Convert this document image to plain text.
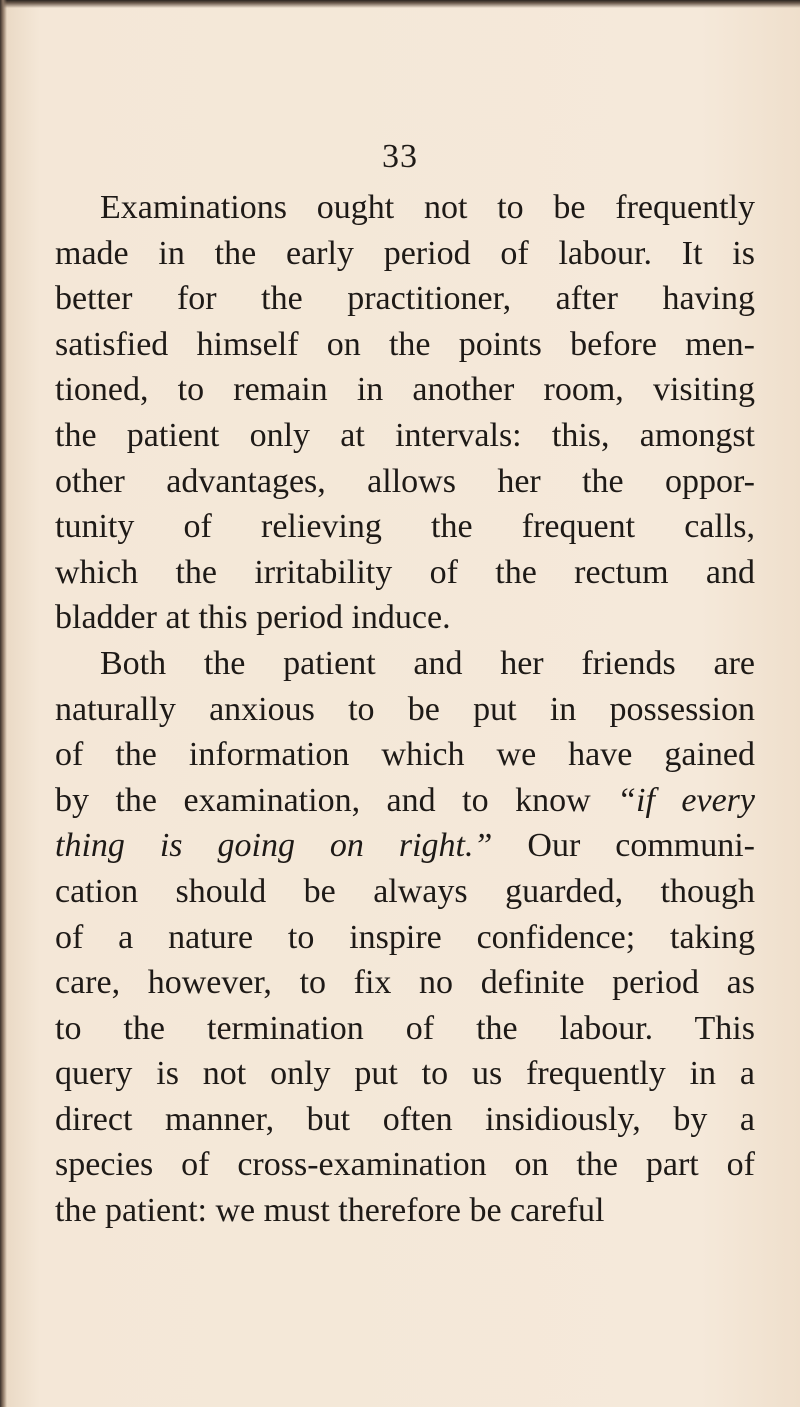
33
Examinations ought not to be frequently
made in the early period of labour. It is
better for the practitioner, after having
satisfied himself on the points before men-
tioned, to remain in another room, visiting
the patient only at intervals: this, amongst
other advantages, allows her the oppor-
tunity of relieving the frequent calls,
which the irritability of the rectum and
bladder at this period induce.
Both the patient and her friends are
naturally anxious to be put in possession
of the information which we have gained
by the examination, and to know “if every
thing is going on right.” Our communi-
cation should be always guarded, though
of a nature to inspire confidence; taking
care, however, to fix no definite period as
to the termination of the labour. This
query is not only put to us frequently in a
direct manner, but often insidiously, by a
species of cross-examination on the part of
the patient: we must therefore be careful
